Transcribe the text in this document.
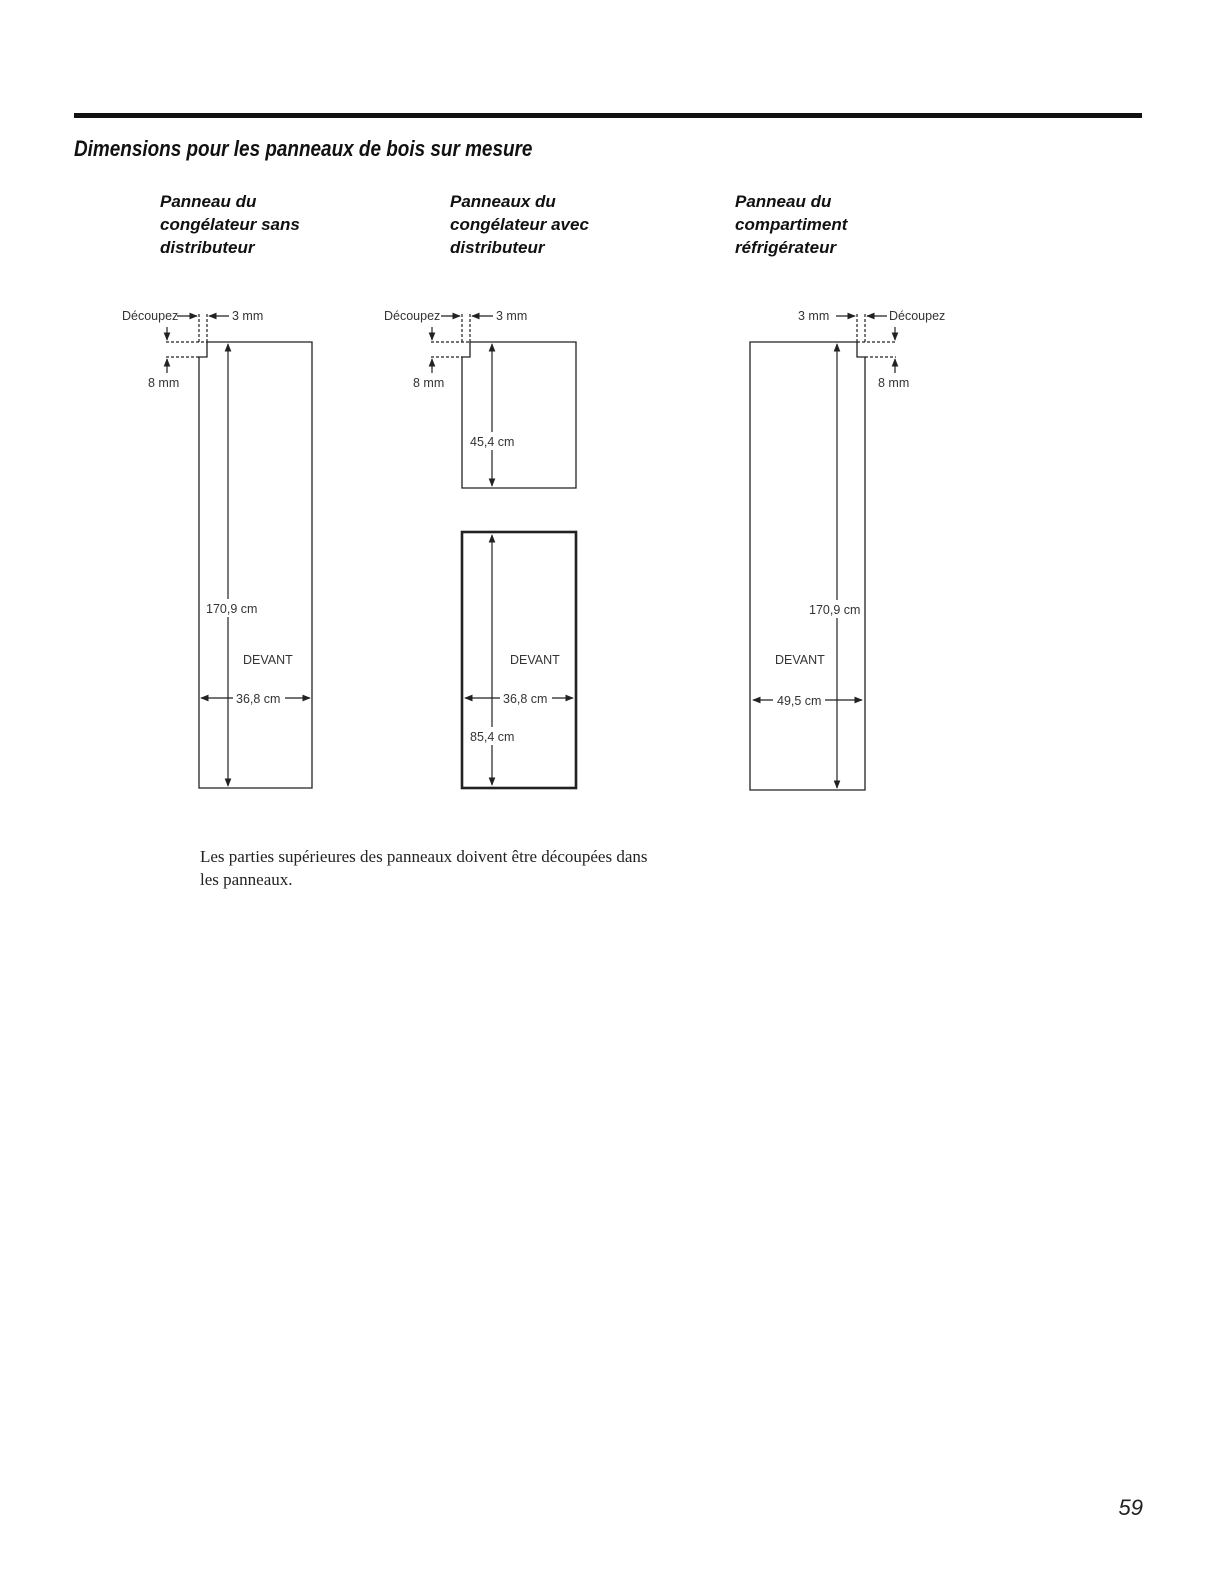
Dimensions pour les panneaux de bois sur mesure
Panneau du
congélateur sans
distributeur
Panneaux du
congélateur avec
distributeur
Panneau du
compartiment
réfrigérateur
Découpez	3 mm
8 mm
170,9 cm
DEVANT
36,8 cm
Découpez	3 mm
8 mm
45,4 cm
DEVANT
36,8 cm
85,4 cm
3 mm	Découpez
8 mm
170,9 cm
DEVANT
49,5 cm

Les parties supérieures des panneaux doivent être découpées dans les panneaux.

59
